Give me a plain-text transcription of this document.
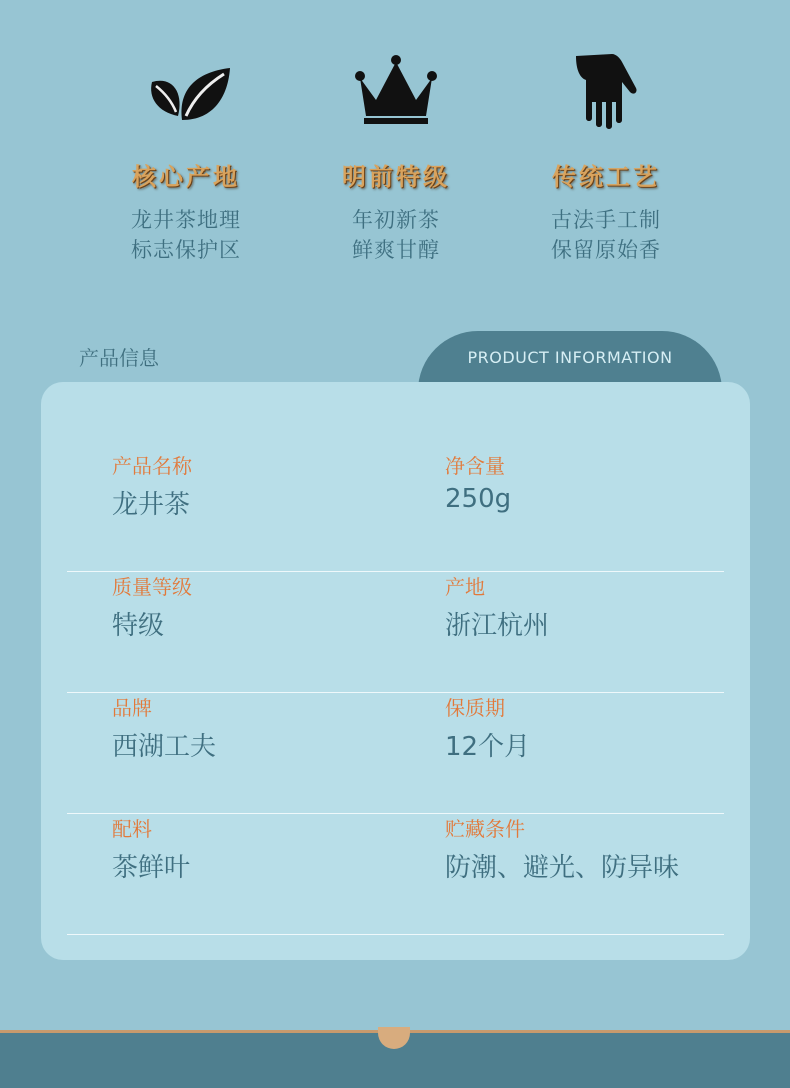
核心产地
龙井茶地理
标志保护区
明前特级
年初新茶
鲜爽甘醇
传统工艺
古法手工制
保留原始香
产品信息	PRODUCT INFORMATION
产品名称
龙井茶
净含量
250g
质量等级
特级
产地
浙江杭州
品牌
西湖工夫
保质期
12个月
配料
茶鲜叶
贮藏条件
防潮、避光、防异味
